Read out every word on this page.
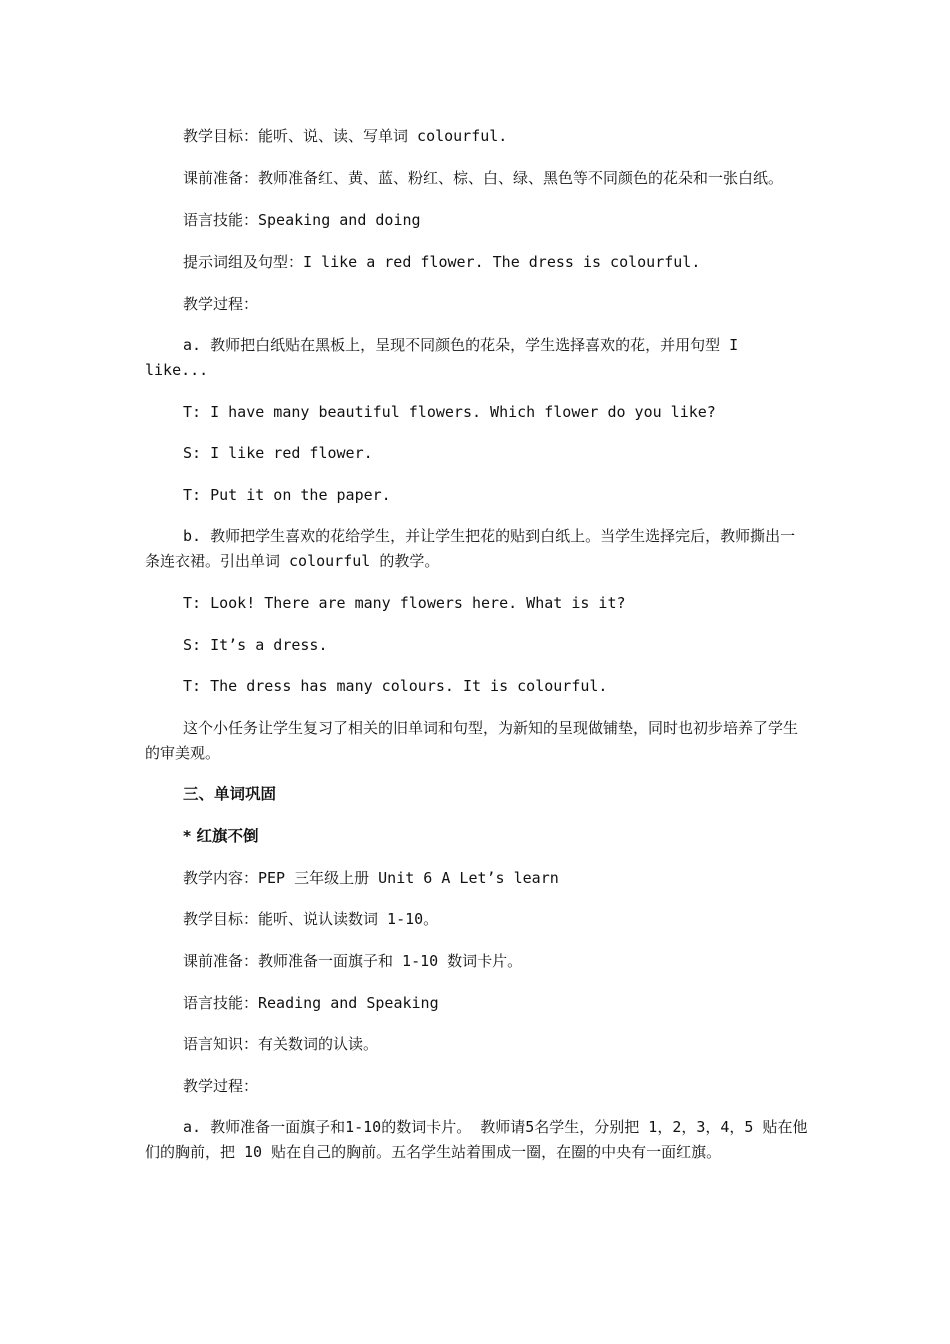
教学目标：能听、说、读、写单词 colourful.

课前准备：教师准备红、黄、蓝、粉红、棕、白、绿、黑色等不同颜色的花朵和一张白纸。

语言技能：Speaking and doing

提示词组及句型：I like a red flower. The dress is colourful.

教学过程：

a. 教师把白纸贴在黑板上，呈现不同颜色的花朵，学生选择喜欢的花，并用句型 I like...

T: I have many beautiful flowers. Which flower do you like?

S: I like red flower.

T: Put it on the paper.

b. 教师把学生喜欢的花给学生，并让学生把花的贴到白纸上。当学生选择完后，教师撕出一条连衣裙。引出单词 colourful 的教学。

T: Look! There are many flowers here. What is it?

S: It’s a dress.

T: The dress has many colours. It is colourful.

这个小任务让学生复习了相关的旧单词和句型，为新知的呈现做铺垫，同时也初步培养了学生的审美观。

三、单词巩固

* 红旗不倒

教学内容：PEP 三年级上册 Unit 6 A Let’s learn

教学目标：能听、说认读数词 1-10。

课前准备：教师准备一面旗子和 1-10 数词卡片。

语言技能：Reading and Speaking

语言知识：有关数词的认读。

教学过程：

a. 教师准备一面旗子和1-10的数词卡片。 教师请5名学生，分别把 1，2，3，4，5 贴在他们的胸前，把 10 贴在自己的胸前。五名学生站着围成一圈，在圈的中央有一面红旗。
